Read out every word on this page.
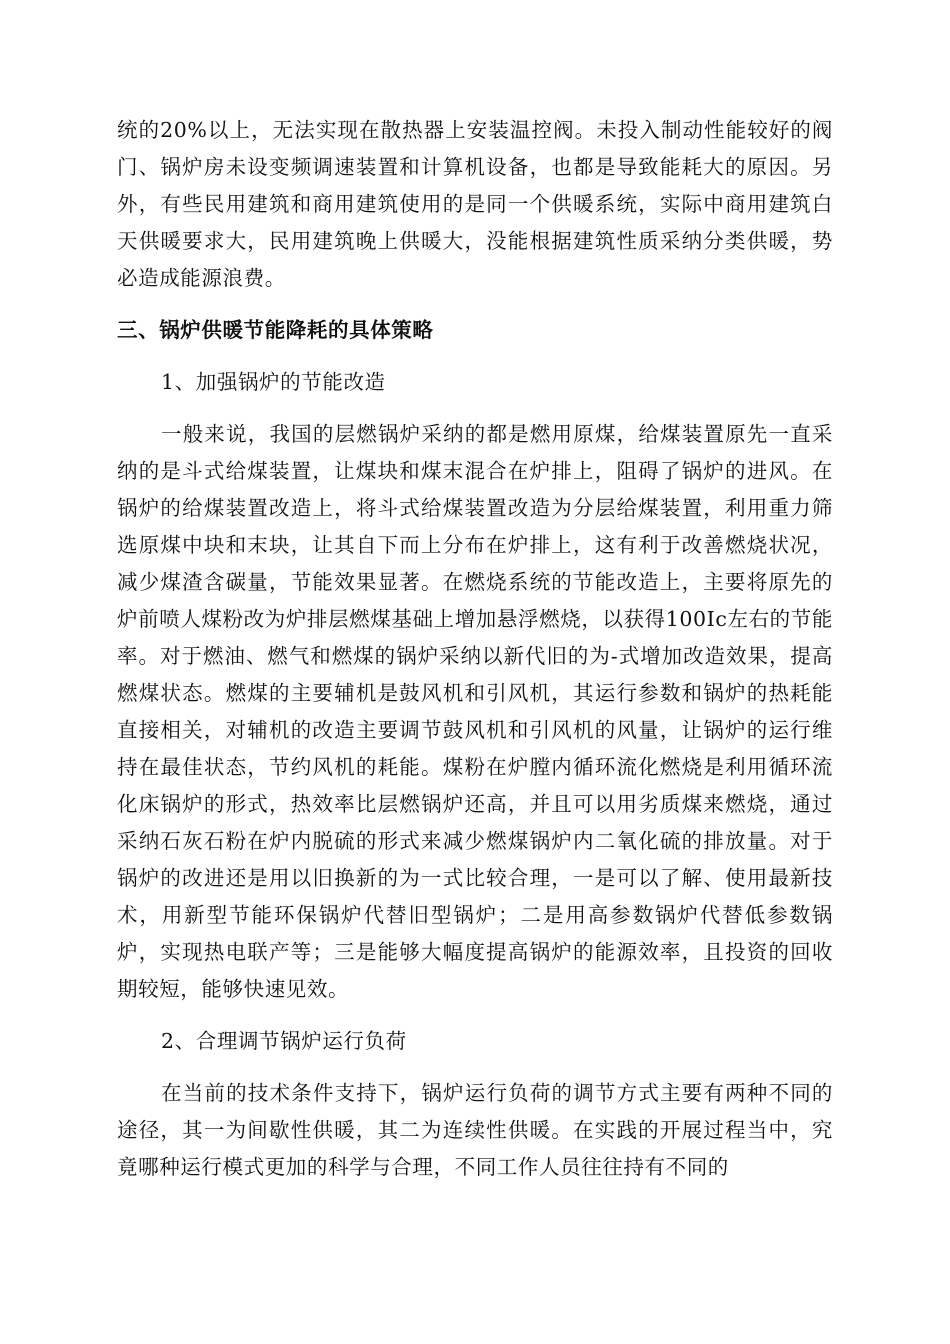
统的20%以上，无法实现在散热器上安装温控阀。未投入制动性能较好的阀门、锅炉房未设变频调速装置和计算机设备，也都是导致能耗大的原因。另外，有些民用建筑和商用建筑使用的是同一个供暖系统，实际中商用建筑白天供暖要求大，民用建筑晚上供暖大，没能根据建筑性质采纳分类供暖，势必造成能源浪费。

三、锅炉供暖节能降耗的具体策略

1、加强锅炉的节能改造

一般来说，我国的层燃锅炉采纳的都是燃用原煤，给煤装置原先一直采纳的是斗式给煤装置，让煤块和煤末混合在炉排上，阻碍了锅炉的进风。在锅炉的给煤装置改造上，将斗式给煤装置改造为分层给煤装置，利用重力筛选原煤中块和末块，让其自下而上分布在炉排上，这有利于改善燃烧状况，减少煤渣含碳量，节能效果显著。在燃烧系统的节能改造上，主要将原先的炉前喷人煤粉改为炉排层燃煤基础上增加悬浮燃烧，以获得100Ic左右的节能率。对于燃油、燃气和燃煤的锅炉采纳以新代旧的为-式增加改造效果，提高燃煤状态。燃煤的主要辅机是鼓风机和引风机，其运行参数和锅炉的热耗能直接相关，对辅机的改造主要调节鼓风机和引风机的风量，让锅炉的运行维持在最佳状态，节约风机的耗能。煤粉在炉膛内循环流化燃烧是利用循环流化床锅炉的形式，热效率比层燃锅炉还高，并且可以用劣质煤来燃烧，通过采纳石灰石粉在炉内脱硫的形式来减少燃煤锅炉内二氧化硫的排放量。对于锅炉的改进还是用以旧换新的为一式比较合理，一是可以了解、使用最新技术，用新型节能环保锅炉代替旧型锅炉；二是用高参数锅炉代替低参数锅炉，实现热电联产等；三是能够大幅度提高锅炉的能源效率，且投资的回收期较短，能够快速见效。

2、合理调节锅炉运行负荷

在当前的技术条件支持下，锅炉运行负荷的调节方式主要有两种不同的途径，其一为间歇性供暖，其二为连续性供暖。在实践的开展过程当中，究竟哪种运行模式更加的科学与合理，不同工作人员往往持有不同的
